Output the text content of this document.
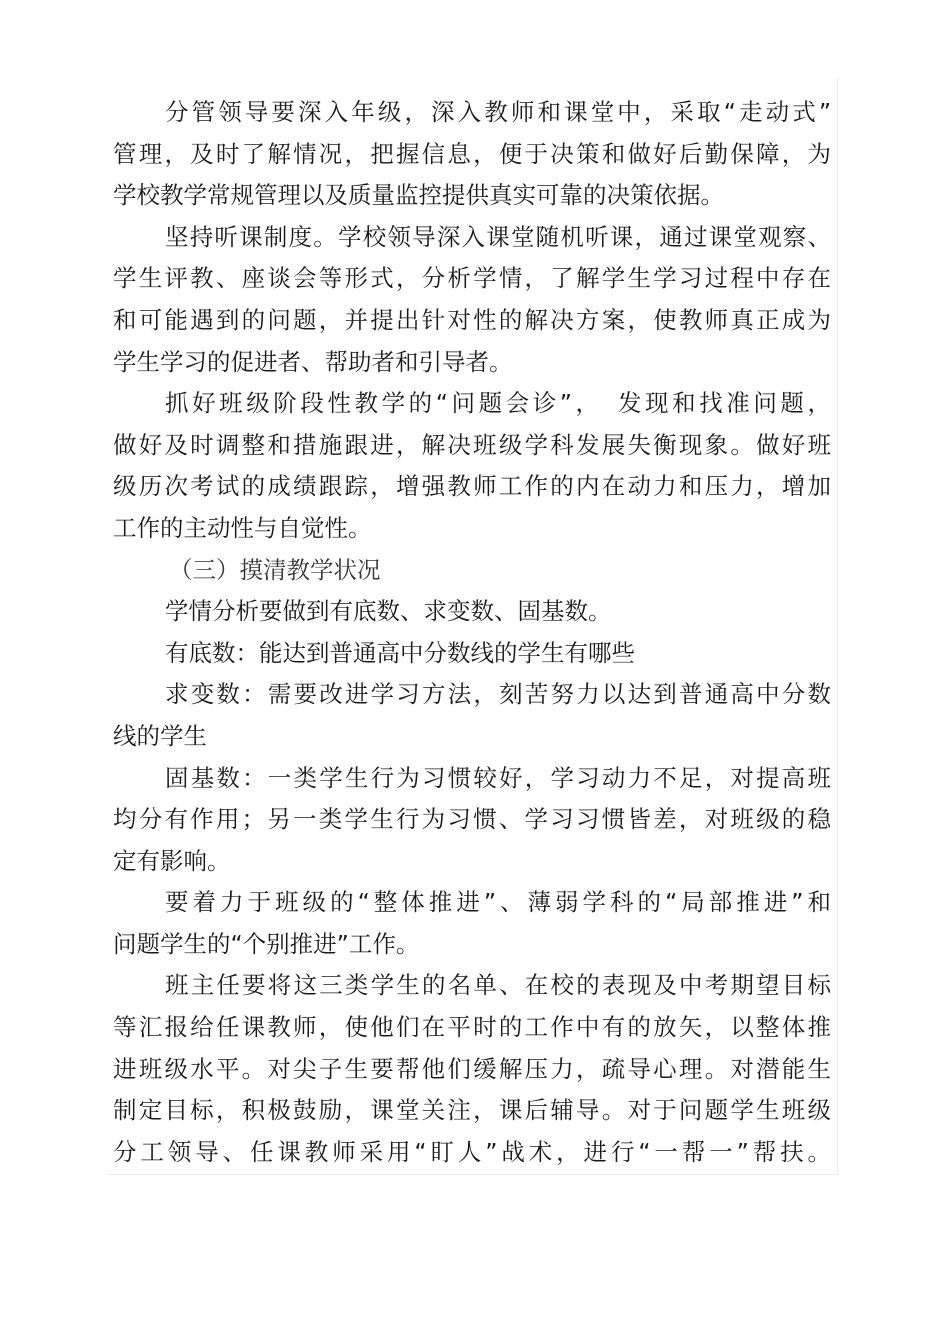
分管领导要深入年级，深入教师和课堂中，采取“走动式”
管理，及时了解情况，把握信息，便于决策和做好后勤保障，为
学校教学常规管理以及质量监控提供真实可靠的决策依据。
坚持听课制度。学校领导深入课堂随机听课，通过课堂观察、
学生评教、座谈会等形式，分析学情，了解学生学习过程中存在
和可能遇到的问题，并提出针对性的解决方案，使教师真正成为
学生学习的促进者、帮助者和引导者。
抓好班级阶段性教学的“问题会诊”，　发现和找准问题，
做好及时调整和措施跟进，解决班级学科发展失衡现象。做好班
级历次考试的成绩跟踪，增强教师工作的内在动力和压力，增加
工作的主动性与自觉性。
（三）摸清教学状况
学情分析要做到有底数、求变数、固基数。
有底数：能达到普通高中分数线的学生有哪些
求变数：需要改进学习方法，刻苦努力以达到普通高中分数
线的学生
固基数：一类学生行为习惯较好，学习动力不足，对提高班
均分有作用；另一类学生行为习惯、学习习惯皆差，对班级的稳
定有影响。
要着力于班级的“整体推进”、薄弱学科的“局部推进”和
问题学生的“个别推进”工作。
班主任要将这三类学生的名单、在校的表现及中考期望目标
等汇报给任课教师，使他们在平时的工作中有的放矢，以整体推
进班级水平。对尖子生要帮他们缓解压力，疏导心理。对潜能生
制定目标，积极鼓励，课堂关注，课后辅导。对于问题学生班级
分工领导、任课教师采用“盯人”战术，进行“一帮一”帮扶。
